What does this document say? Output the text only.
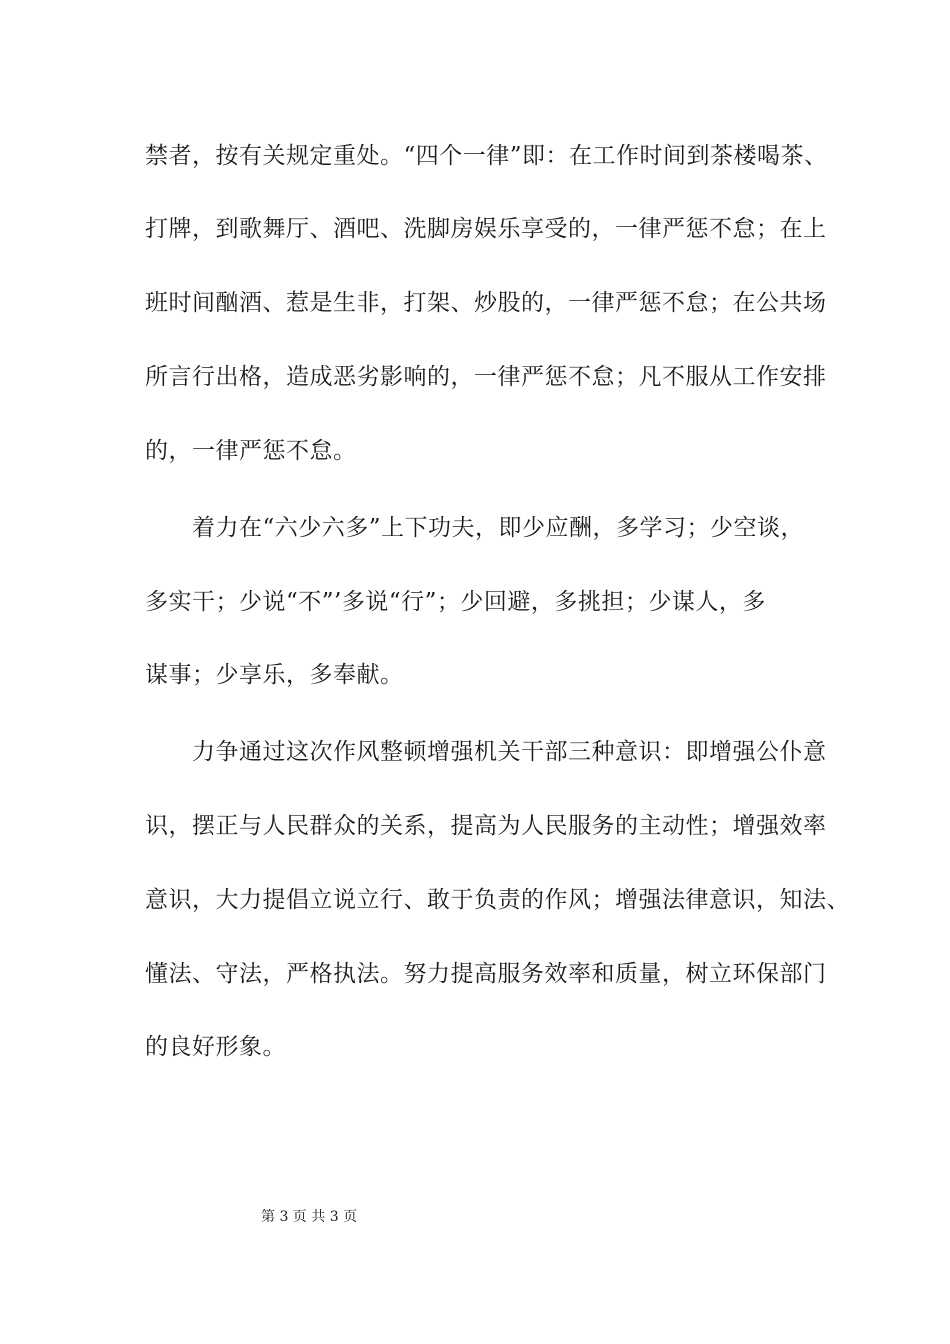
禁者，按有关规定重处。“四个一律”即：在工作时间到茶楼喝茶、
打牌，到歌舞厅、酒吧、洗脚房娱乐享受的，一律严惩不怠；在上
班时间酗酒、惹是生非，打架、炒股的，一律严惩不怠；在公共场
所言行出格，造成恶劣影响的，一律严惩不怠；凡不服从工作安排
的，一律严惩不怠。
　　着力在“六少六多”上下功夫，即少应酬，多学习；少空谈，
多实干；少说“不”’多说“行”；少回避，多挑担；少谋人，多
谋事；少享乐，多奉献。
　　力争通过这次作风整顿增强机关干部三种意识：即增强公仆意
识，摆正与人民群众的关系，提高为人民服务的主动性；增强效率
意识，大力提倡立说立行、敢于负责的作风；增强法律意识，知法、
懂法、守法，严格执法。努力提高服务效率和质量，树立环保部门
的良好形象。
第 3 页 共 3 页
